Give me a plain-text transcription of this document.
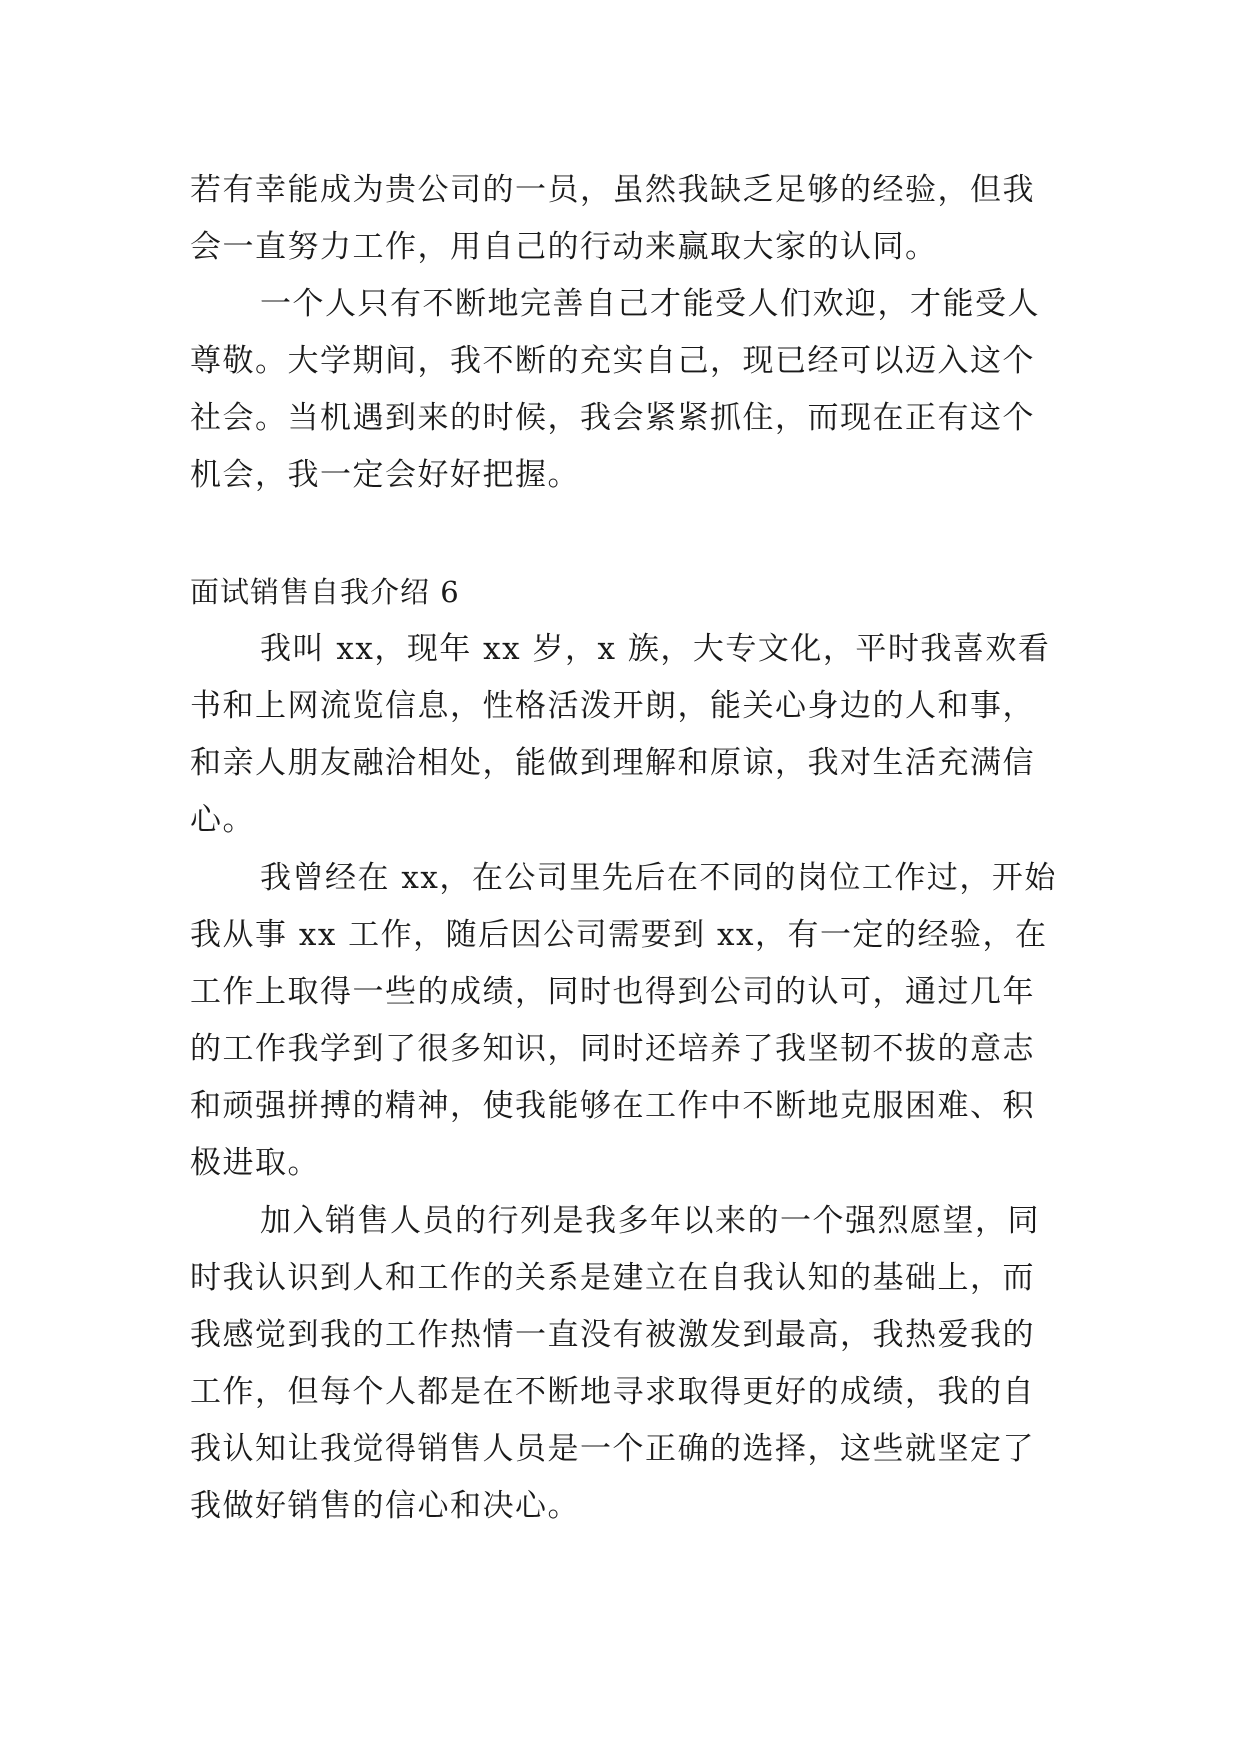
若有幸能成为贵公司的一员，虽然我缺乏足够的经验，但我
会一直努力工作，用自己的行动来赢取大家的认同。
一个人只有不断地完善自己才能受人们欢迎，才能受人
尊敬。大学期间，我不断的充实自己，现已经可以迈入这个
社会。当机遇到来的时候，我会紧紧抓住，而现在正有这个
机会，我一定会好好把握。
面试销售自我介绍 6
我叫 xx，现年 xx 岁，x 族，大专文化，平时我喜欢看
书和上网流览信息，性格活泼开朗，能关心身边的人和事，
和亲人朋友融洽相处，能做到理解和原谅，我对生活充满信
心。
我曾经在 xx，在公司里先后在不同的岗位工作过，开始
我从事 xx 工作，随后因公司需要到 xx，有一定的经验，在
工作上取得一些的成绩，同时也得到公司的认可，通过几年
的工作我学到了很多知识，同时还培养了我坚韧不拔的意志
和顽强拼搏的精神，使我能够在工作中不断地克服困难、积
极进取。
加入销售人员的行列是我多年以来的一个强烈愿望，同
时我认识到人和工作的关系是建立在自我认知的基础上，而
我感觉到我的工作热情一直没有被激发到最高，我热爱我的
工作，但每个人都是在不断地寻求取得更好的成绩，我的自
我认知让我觉得销售人员是一个正确的选择，这些就坚定了
我做好销售的信心和决心。
